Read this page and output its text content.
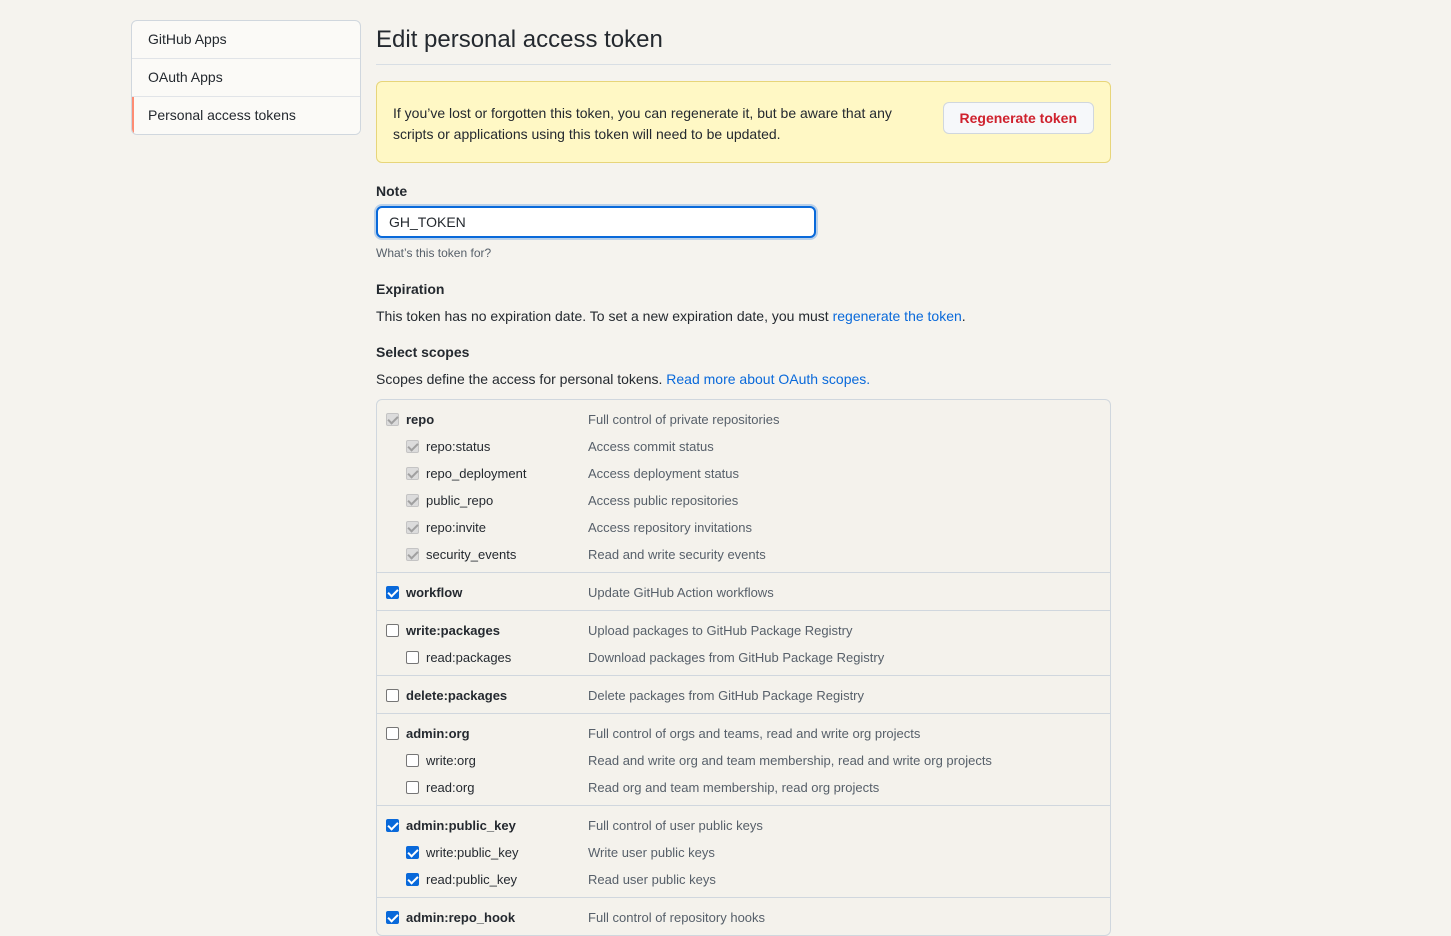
GitHub Apps
OAuth Apps
Personal access tokens
Edit personal access token
If you’ve lost or forgotten this token, you can regenerate it, but be aware that any scripts or applications using this token will need to be updated.
Regenerate token
Note
GH_TOKEN
What’s this token for?
Expiration
This token has no expiration date. To set a new expiration date, you must regenerate the token.
Select scopes
Scopes define the access for personal tokens. Read more about OAuth scopes.
repo	Full control of private repositories
repo:status	Access commit status
repo_deployment	Access deployment status
public_repo	Access public repositories
repo:invite	Access repository invitations
security_events	Read and write security events
workflow	Update GitHub Action workflows
write:packages	Upload packages to GitHub Package Registry
read:packages	Download packages from GitHub Package Registry
delete:packages	Delete packages from GitHub Package Registry
admin:org	Full control of orgs and teams, read and write org projects
write:org	Read and write org and team membership, read and write org projects
read:org	Read org and team membership, read org projects
admin:public_key	Full control of user public keys
write:public_key	Write user public keys
read:public_key	Read user public keys
admin:repo_hook	Full control of repository hooks
